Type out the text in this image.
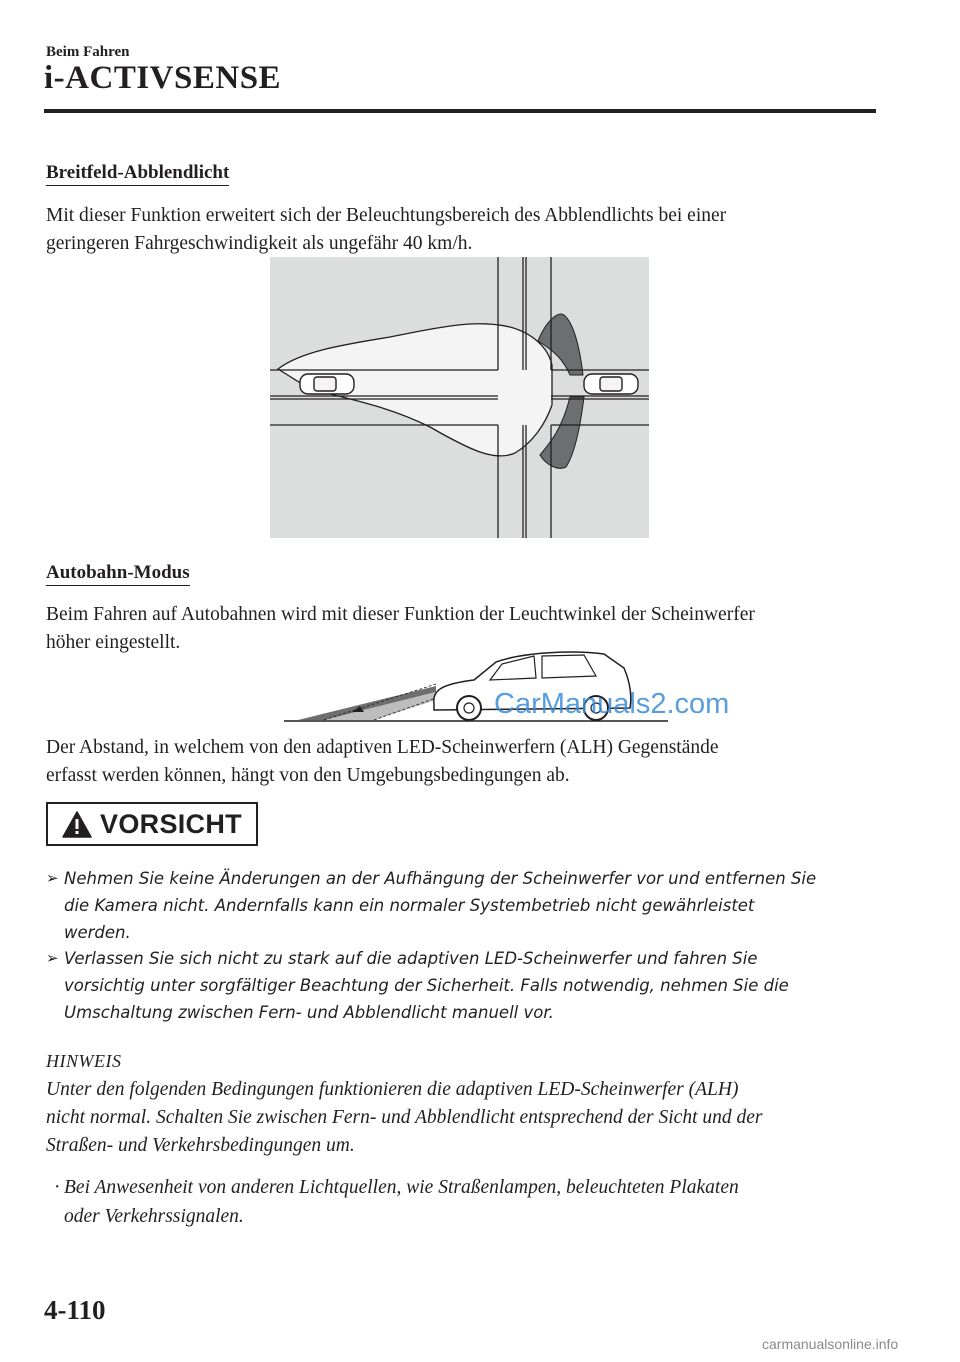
Beim Fahren
i-ACTIVSENSE
Breitfeld-Abblendlicht
Mit dieser Funktion erweitert sich der Beleuchtungsbereich des Abblendlichts bei einer
geringeren Fahrgeschwindigkeit als ungefähr 40 km/h.
Autobahn-Modus
Beim Fahren auf Autobahnen wird mit dieser Funktion der Leuchtwinkel der Scheinwerfer
höher eingestellt.
CarManuals2.com
Der Abstand, in welchem von den adaptiven LED-Scheinwerfern (ALH) Gegenstände
erfasst werden können, hängt von den Umgebungsbedingungen ab.
VORSICHT
➢ Nehmen Sie keine Änderungen an der Aufhängung der Scheinwerfer vor und entfernen Sie
die Kamera nicht. Andernfalls kann ein normaler Systembetrieb nicht gewährleistet
werden.
➢ Verlassen Sie sich nicht zu stark auf die adaptiven LED-Scheinwerfer und fahren Sie
vorsichtig unter sorgfältiger Beachtung der Sicherheit. Falls notwendig, nehmen Sie die
Umschaltung zwischen Fern- und Abblendlicht manuell vor.
HINWEIS
Unter den folgenden Bedingungen funktionieren die adaptiven LED-Scheinwerfer (ALH)
nicht normal. Schalten Sie zwischen Fern- und Abblendlicht entsprechend der Sicht und der
Straßen- und Verkehrsbedingungen um.
· Bei Anwesenheit von anderen Lichtquellen, wie Straßenlampen, beleuchteten Plakaten
oder Verkehrssignalen.
4-110
carmanualsonline.info
